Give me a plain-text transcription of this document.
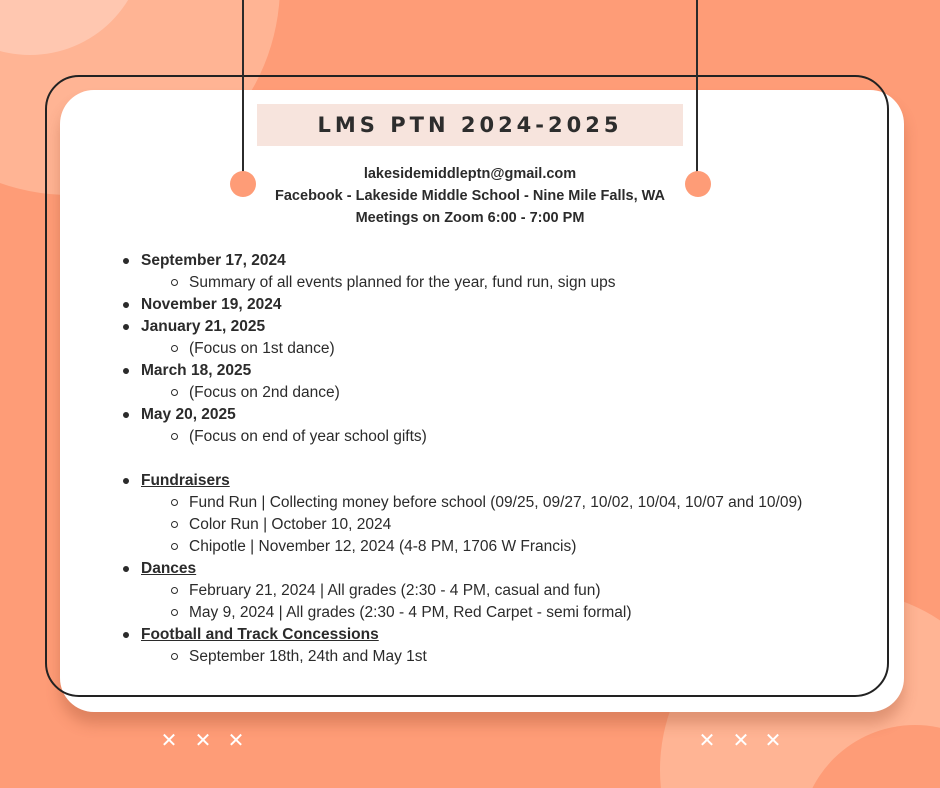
LMS PTN 2024-2025
lakesidemiddleptn@gmail.com
Facebook - Lakeside Middle School - Nine Mile Falls, WA
Meetings on Zoom 6:00 - 7:00 PM
September 17, 2024
Summary of all events planned for the year, fund run, sign ups
November 19, 2024
January 21, 2025
(Focus on 1st dance)
March 18, 2025
(Focus on 2nd dance)
May 20, 2025
(Focus on end of year school gifts)
Fundraisers
Fund Run | Collecting money before school (09/25, 09/27, 10/02, 10/04, 10/07 and 10/09)
Color Run | October 10, 2024
Chipotle | November 12, 2024 (4-8 PM, 1706 W Francis)
Dances
February 21, 2024 | All grades (2:30 - 4 PM, casual and fun)
May 9, 2024 | All grades (2:30 - 4 PM, Red Carpet - semi formal)
Football and Track Concessions
September 18th, 24th and May 1st
✕ ✕ ✕	✕ ✕ ✕
